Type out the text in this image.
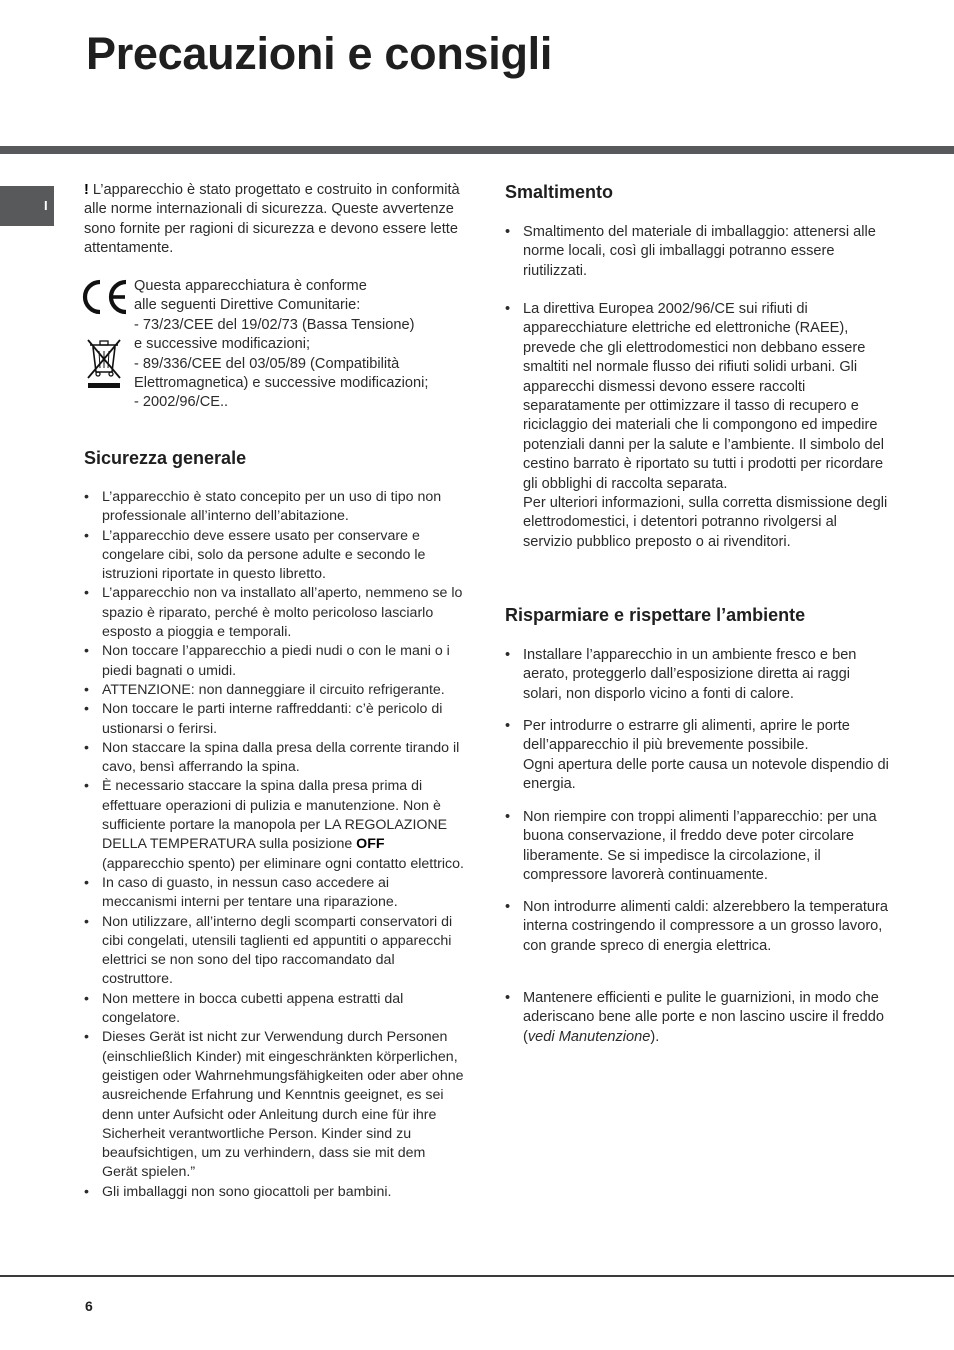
Precauzioni e consigli
I

! L’apparecchio è stato progettato e costruito in conformità alle norme internazionali di sicurezza. Queste avvertenze sono fornite per ragioni di sicurezza e devono essere lette attentamente.

Questa apparecchiatura è conforme
alle seguenti Direttive Comunitarie:
- 73/23/CEE del 19/02/73 (Bassa Tensione)
e successive modificazioni;
- 89/336/CEE del 03/05/89 (Compatibilità
Elettromagnetica) e successive modificazioni;
- 2002/96/CE..
Sicurezza generale
• L’apparecchio è stato concepito per un uso di tipo non professionale all’interno dell’abitazione.
• L’apparecchio deve essere usato per conservare e congelare cibi, solo da persone adulte e secondo le istruzioni riportate in questo libretto.
• L’apparecchio non va installato all’aperto, nemmeno se lo spazio è riparato, perché è molto pericoloso lasciarlo esposto a pioggia e temporali.
• Non toccare l’apparecchio a piedi nudi o con le mani o i piedi bagnati o umidi.
• ATTENZIONE: non danneggiare il circuito refrigerante.
• Non toccare le parti interne raffreddanti: c’è pericolo di ustionarsi o ferirsi.
• Non staccare la spina dalla presa della corrente tirando il cavo, bensì afferrando la spina.
• È necessario staccare la spina dalla presa prima di effettuare operazioni di pulizia e manutenzione. Non è sufficiente portare la manopola per LA REGOLAZIONE DELLA TEMPERATURA sulla posizione OFF (apparecchio spento) per eliminare ogni contatto elettrico.
• In caso di guasto, in nessun caso accedere ai meccanismi interni per tentare una riparazione.
• Non utilizzare, all’interno degli scomparti conservatori di cibi congelati, utensili taglienti ed appuntiti o apparecchi elettrici se non sono del tipo raccomandato dal costruttore.
• Non mettere in bocca cubetti appena estratti dal congelatore.
• Dieses Gerät ist nicht zur Verwendung durch Personen (einschließlich Kinder) mit eingeschränkten körperlichen, geistigen oder Wahrnehmungsfähigkeiten oder aber ohne ausreichende Erfahrung und Kenntnis geeignet, es sei denn unter Aufsicht oder Anleitung durch eine für ihre Sicherheit verantwortliche Person. Kinder sind zu beaufsichtigen, um zu verhindern, dass sie mit dem Gerät spielen.”
• Gli imballaggi non sono giocattoli per bambini.
Smaltimento
• Smaltimento del materiale di imballaggio: attenersi alle norme locali, così gli imballaggi potranno essere riutilizzati.
• La direttiva Europea 2002/96/CE sui rifiuti di apparecchiature elettriche ed elettroniche (RAEE), prevede che gli elettrodomestici non debbano essere smaltiti nel normale flusso dei rifiuti solidi urbani. Gli apparecchi dismessi devono essere raccolti separatamente per ottimizzare il tasso di recupero e riciclaggio dei materiali che li compongono ed impedire potenziali danni per la salute e l’ambiente. Il simbolo del cestino barrato è riportato su tutti i prodotti per ricordare gli obblighi di raccolta separata.
Per ulteriori informazioni, sulla corretta dismissione degli elettrodomestici, i detentori potranno rivolgersi al servizio pubblico preposto o ai rivenditori.
Risparmiare e rispettare l’ambiente
• Installare l’apparecchio in un ambiente fresco e ben aerato, proteggerlo dall’esposizione diretta ai raggi solari, non disporlo vicino a fonti di calore.
• Per introdurre o estrarre gli alimenti, aprire le porte dell’apparecchio il più brevemente possibile.
Ogni apertura delle porte causa un notevole dispendio di energia.
• Non riempire con troppi alimenti l’apparecchio: per una buona conservazione, il freddo deve poter circolare liberamente. Se si impedisce la circolazione, il compressore lavorerà continuamente.
• Non introdurre alimenti caldi: alzerebbero la temperatura interna costringendo il compressore a un grosso lavoro, con grande spreco di energia elettrica.
• Mantenere efficienti e pulite le guarnizioni, in modo che aderiscano bene alle porte e non lascino uscire il freddo (vedi Manutenzione).
6
